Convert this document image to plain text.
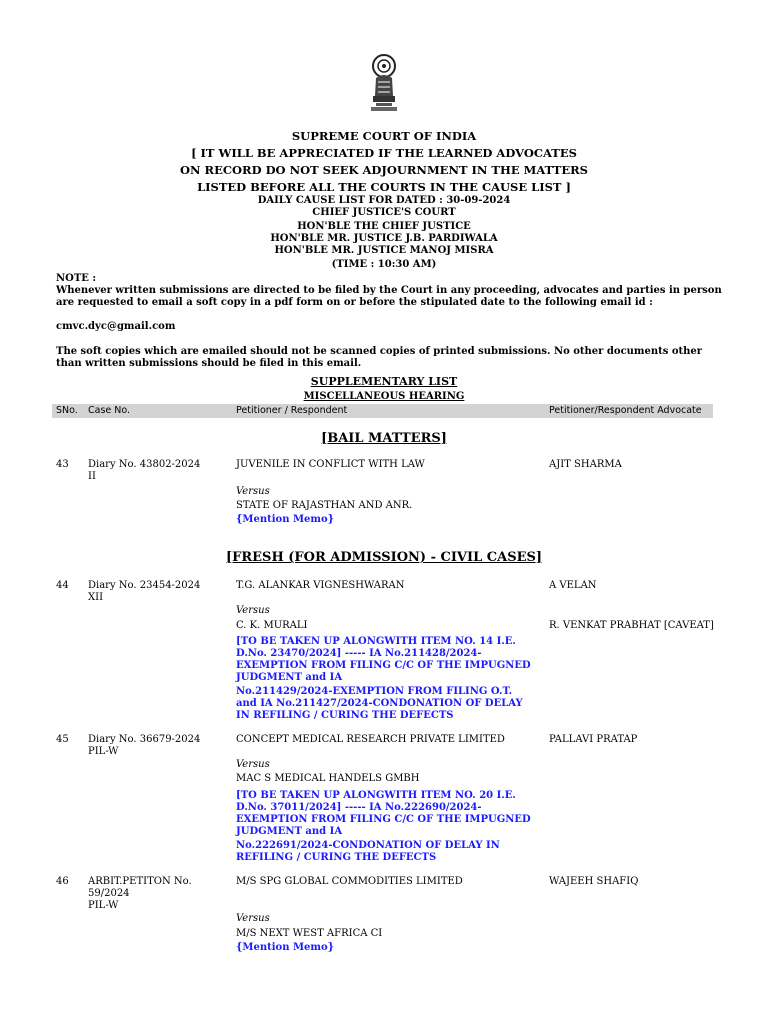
SUPREME COURT OF INDIA
[ IT WILL BE APPRECIATED IF THE LEARNED ADVOCATES
ON RECORD DO NOT SEEK ADJOURNMENT IN THE MATTERS
LISTED BEFORE ALL THE COURTS IN THE CAUSE LIST ]
DAILY CAUSE LIST FOR DATED : 30-09-2024
CHIEF JUSTICE'S COURT
HON'BLE THE CHIEF JUSTICE
HON'BLE MR. JUSTICE J.B. PARDIWALA
HON'BLE MR. JUSTICE MANOJ MISRA
(TIME : 10:30 AM)
NOTE :
Whenever written submissions are directed to be filed by the Court in any proceeding, advocates and parties in person are requested to email a soft copy in a pdf form on or before the stipulated date to the following email id :
cmvc.dyc@gmail.com
The soft copies which are emailed should not be scanned copies of printed submissions. No other documents other than written submissions should be filed in this email.
SUPPLEMENTARY LIST
MISCELLANEOUS HEARING
SNo. Case No.	Petitioner / Respondent	Petitioner/Respondent Advocate
[BAIL MATTERS]
43 Diary No. 43802-2024
II
JUVENILE IN CONFLICT WITH LAW
Versus
STATE OF RAJASTHAN AND ANR.
{Mention Memo}
AJIT SHARMA
[FRESH (FOR ADMISSION) - CIVIL CASES]
44 Diary No. 23454-2024
XII
T.G. ALANKAR VIGNESHWARAN
Versus
C. K. MURALI
[TO BE TAKEN UP ALONGWITH ITEM NO. 14 I.E. D.No. 23470/2024] ----- IA No.211428/2024-EXEMPTION FROM FILING C/C OF THE IMPUGNED JUDGMENT and IA
No.211429/2024-EXEMPTION FROM FILING O.T. and IA No.211427/2024-CONDONATION OF DELAY IN REFILING / CURING THE DEFECTS
A VELAN
R. VENKAT PRABHAT [CAVEAT]
45 Diary No. 36679-2024
PIL-W
CONCEPT MEDICAL RESEARCH PRIVATE LIMITED
Versus
MAC S MEDICAL HANDELS GMBH
[TO BE TAKEN UP ALONGWITH ITEM NO. 20 I.E. D.No. 37011/2024] ----- IA No.222690/2024-EXEMPTION FROM FILING C/C OF THE IMPUGNED JUDGMENT and IA
No.222691/2024-CONDONATION OF DELAY IN REFILING / CURING THE DEFECTS
PALLAVI PRATAP
46 ARBIT.PETITON No. 59/2024
PIL-W
M/S SPG GLOBAL COMMODITIES LIMITED
Versus
M/S NEXT WEST AFRICA CI
{Mention Memo}
WAJEEH SHAFIQ
